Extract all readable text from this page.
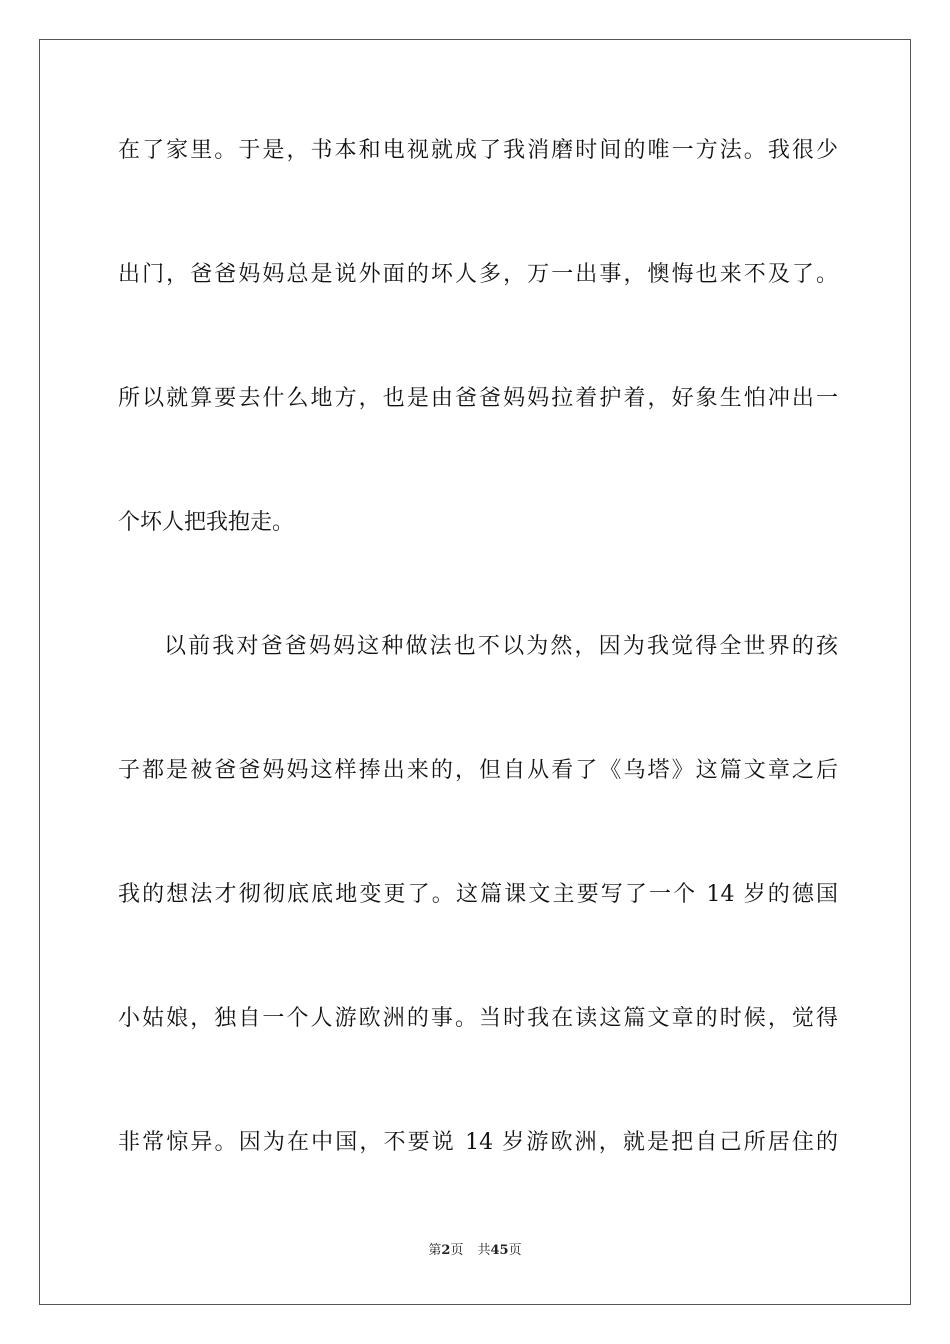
在了家里。于是，书本和电视就成了我消磨时间的唯一方法。我很少
出门，爸爸妈妈总是说外面的坏人多，万一出事，懊悔也来不及了。
所以就算要去什么地方，也是由爸爸妈妈拉着护着，好象生怕冲出一
个坏人把我抱走。
以前我对爸爸妈妈这种做法也不以为然，因为我觉得全世界的孩
子都是被爸爸妈妈这样捧出来的，但自从看了《乌塔》这篇文章之后
我的想法才彻彻底底地变更了。这篇课文主要写了一个 14 岁的德国
小姑娘，独自一个人游欧洲的事。当时我在读这篇文章的时候，觉得
非常惊异。因为在中国，不要说 14 岁游欧洲，就是把自己所居住的
第2页 共45页
